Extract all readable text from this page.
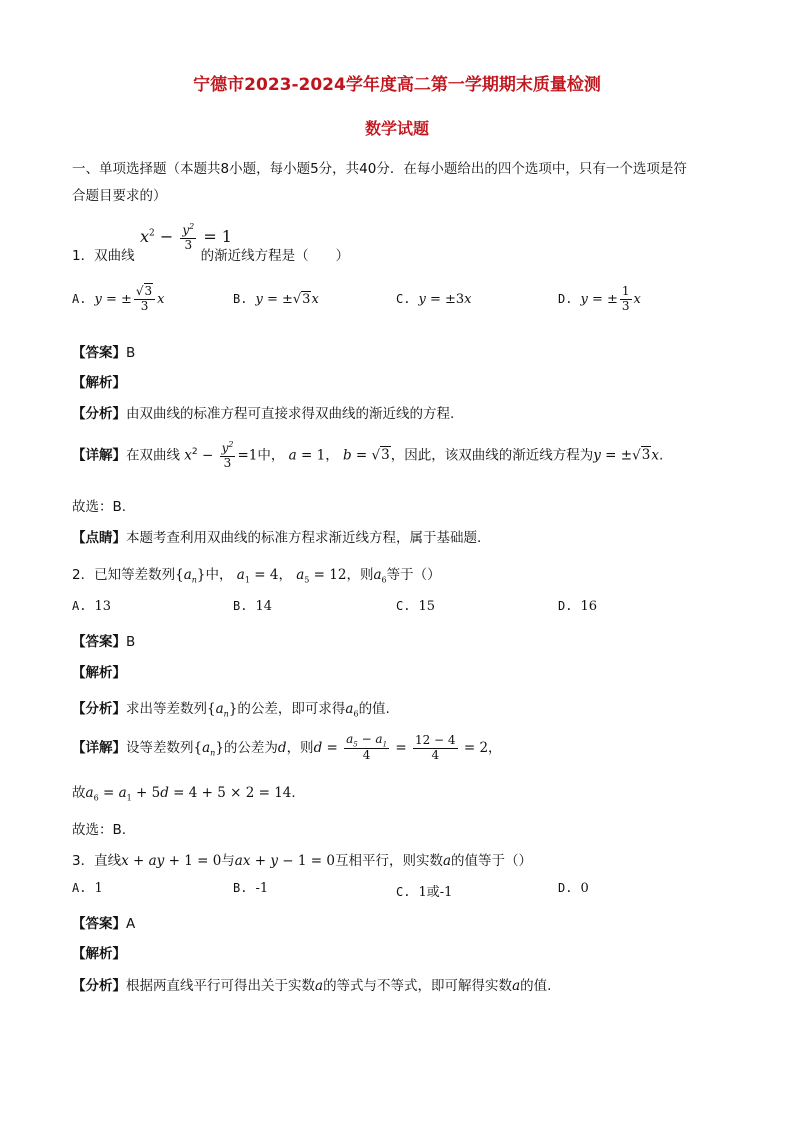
宁德市2023-2024学年度高二第一学期期末质量检测
数学试题
一、单项选择题（本题共8小题，每小题5分，共40分．在每小题给出的四个选项中，只有一个选项是符
合题目要求的）
$x^2 - \frac{y^2}{3} = 1$
1．双曲线	的渐近线方程是（　　）
A. y = ± $\frac{√3}{3}$ x	B. y = ±√3x	C. y = ±3x	D. y = ± $\frac{1}{3}$ x
【答案】B
【解析】
【分析】由双曲线的标准方程可直接求得双曲线的渐近线的方程.
【详解】在双曲线 $x^2 - \frac{y^2}{3} =1$中， a = 1， b = √3，因此，该双曲线的渐近线方程为y = ±√3x.
故选：B.
【点睛】本题考查利用双曲线的标准方程求渐近线方程，属于基础题.
2．已知等差数列$\{a_n\}$中， $a_1 = 4$， $a_5 = 12$，则$a_6$等于（）
A. 13	B. 14	C. 15	D. 16
【答案】B
【解析】
【分析】求出等差数列$\{a_n\}$的公差，即可求得$a_6$的值.
【详解】设等差数列$\{a_n\}$的公差为d，则$d = \frac{a_5 - a_1}{4} = \frac{12 - 4}{4} = 2$，
故$a_6 = a_1 + 5d = 4 + 5 \times 2 = 14$.
故选：B.
3．直线x + ay + 1 = 0与ax + y − 1 = 0互相平行，则实数a的值等于（）
A. 1	B. -1	C. 1或-1	D. 0
【答案】A
【解析】
【分析】根据两直线平行可得出关于实数a的等式与不等式，即可解得实数a的值.
